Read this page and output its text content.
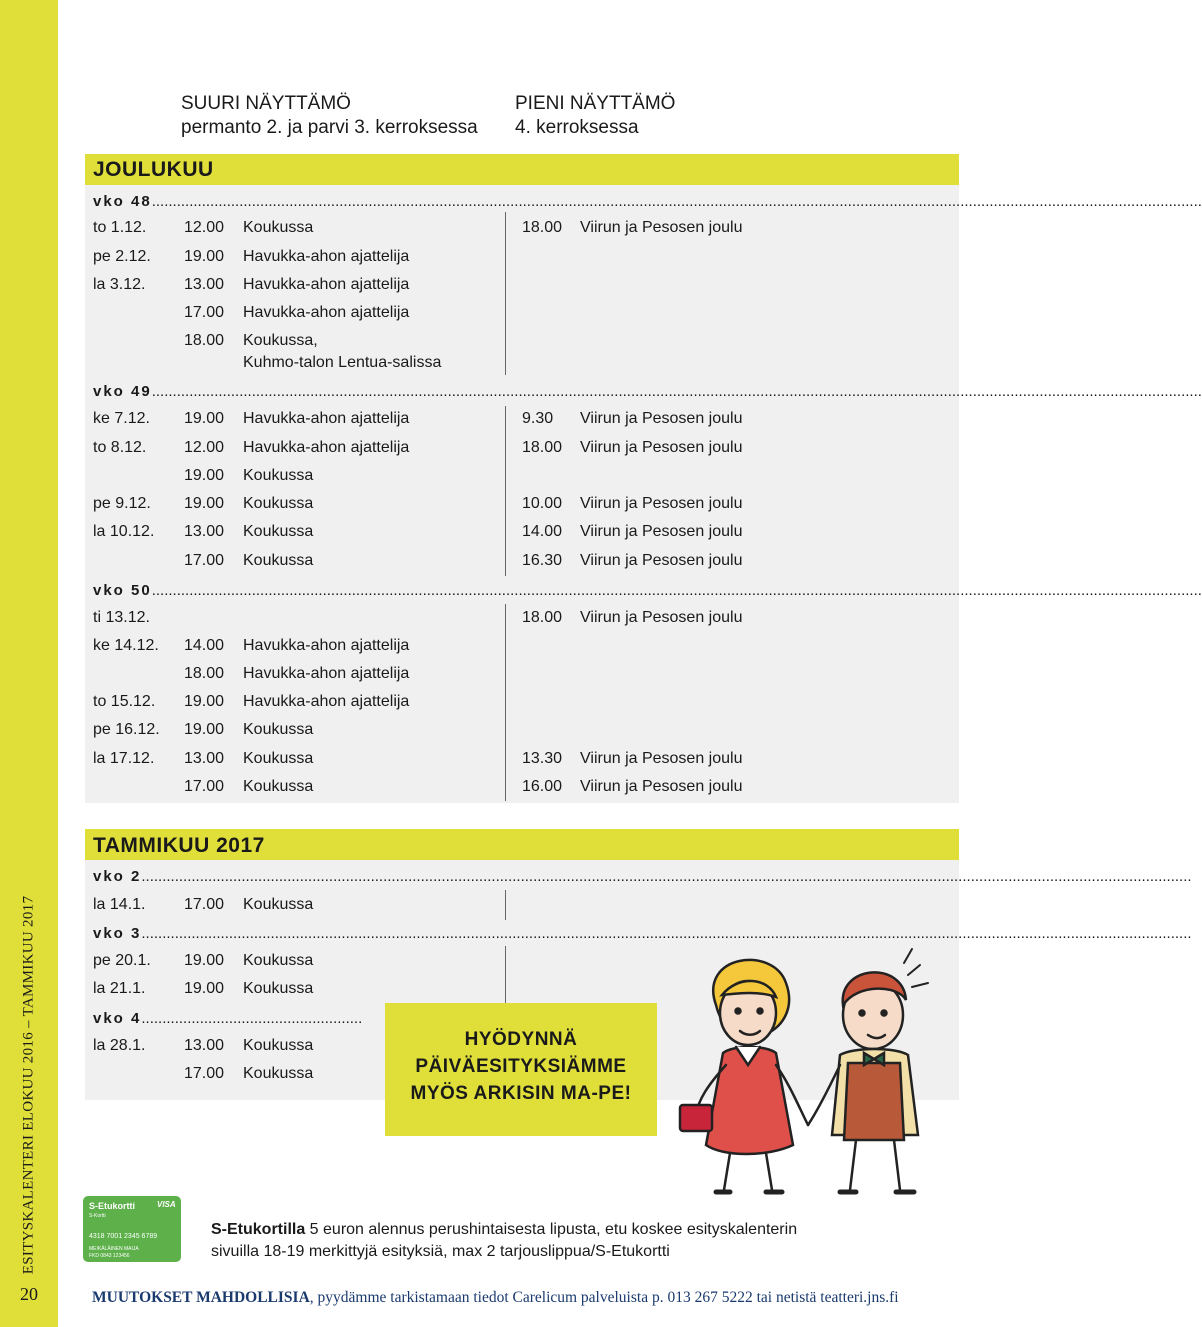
ESITYSKALENTERI ELOKUU 2016 – TAMMIKUU 2017
20
SUURI NÄYTTÄMÖ
permanto 2. ja parvi 3. kerroksessa
PIENI NÄYTTÄMÖ
4. kerroksessa
JOULUKUU
vko 48............................................................................................................................................................................................................................................................
vko 49............................................................................................................................................................................................................................................................
vko 50............................................................................................................................................................................................................................................................
to 1.12. 12.00 Koukussa	18.00 Viirun ja Pesosen joulu
pe 2.12. 19.00 Havukka-ahon ajattelija
la 3.12. 13.00 Havukka-ahon ajattelija
17.00 Havukka-ahon ajattelija
18.00 Koukussa,
Kuhmo-talon Lentua-salissa
ke 7.12. 19.00 Havukka-ahon ajattelija	9.30 Viirun ja Pesosen joulu
to 8.12. 12.00 Havukka-ahon ajattelija	18.00 Viirun ja Pesosen joulu
19.00 Koukussa
pe 9.12. 19.00 Koukussa	10.00 Viirun ja Pesosen joulu
la 10.12. 13.00 Koukussa	14.00 Viirun ja Pesosen joulu
17.00 Koukussa	16.30 Viirun ja Pesosen joulu
ti 13.12.	18.00 Viirun ja Pesosen joulu
ke 14.12. 14.00 Havukka-ahon ajattelija
18.00 Havukka-ahon ajattelija
to 15.12. 19.00 Havukka-ahon ajattelija
pe 16.12. 19.00 Koukussa
la 17.12. 13.00 Koukussa	13.30 Viirun ja Pesosen joulu
17.00 Koukussa	16.00 Viirun ja Pesosen joulu
TAMMIKUU 2017
vko 2............................................................................................................................................................................................................................................................
vko 3............................................................................................................................................................................................................................................................
vko 4.....................................................
la 14.1. 17.00 Koukussa
pe 20.1. 19.00 Koukussa
la 21.1. 19.00 Koukussa
la 28.1. 13.00 Koukussa
17.00 Koukussa
HYÖDYNNÄ
PÄIVÄESITYKSIÄMME
MYÖS ARKISIN MA-PE!
S-Etukortti
S-Kortti
VISA
4318 7001 2345 6789
MEIKÄLÄINEN MAIJA
FKD 0843 123456
S-Etukortilla 5 euron alennus perushintaisesta lipusta, etu koskee esityskalenterin
sivuilla 18-19 merkittyjä esityksiä, max 2 tarjouslippua/S-Etukortti
MUUTOKSET MAHDOLLISIA, pyydämme tarkistamaan tiedot Carelicum palveluista p. 013 267 5222 tai netistä teatteri.jns.fi
